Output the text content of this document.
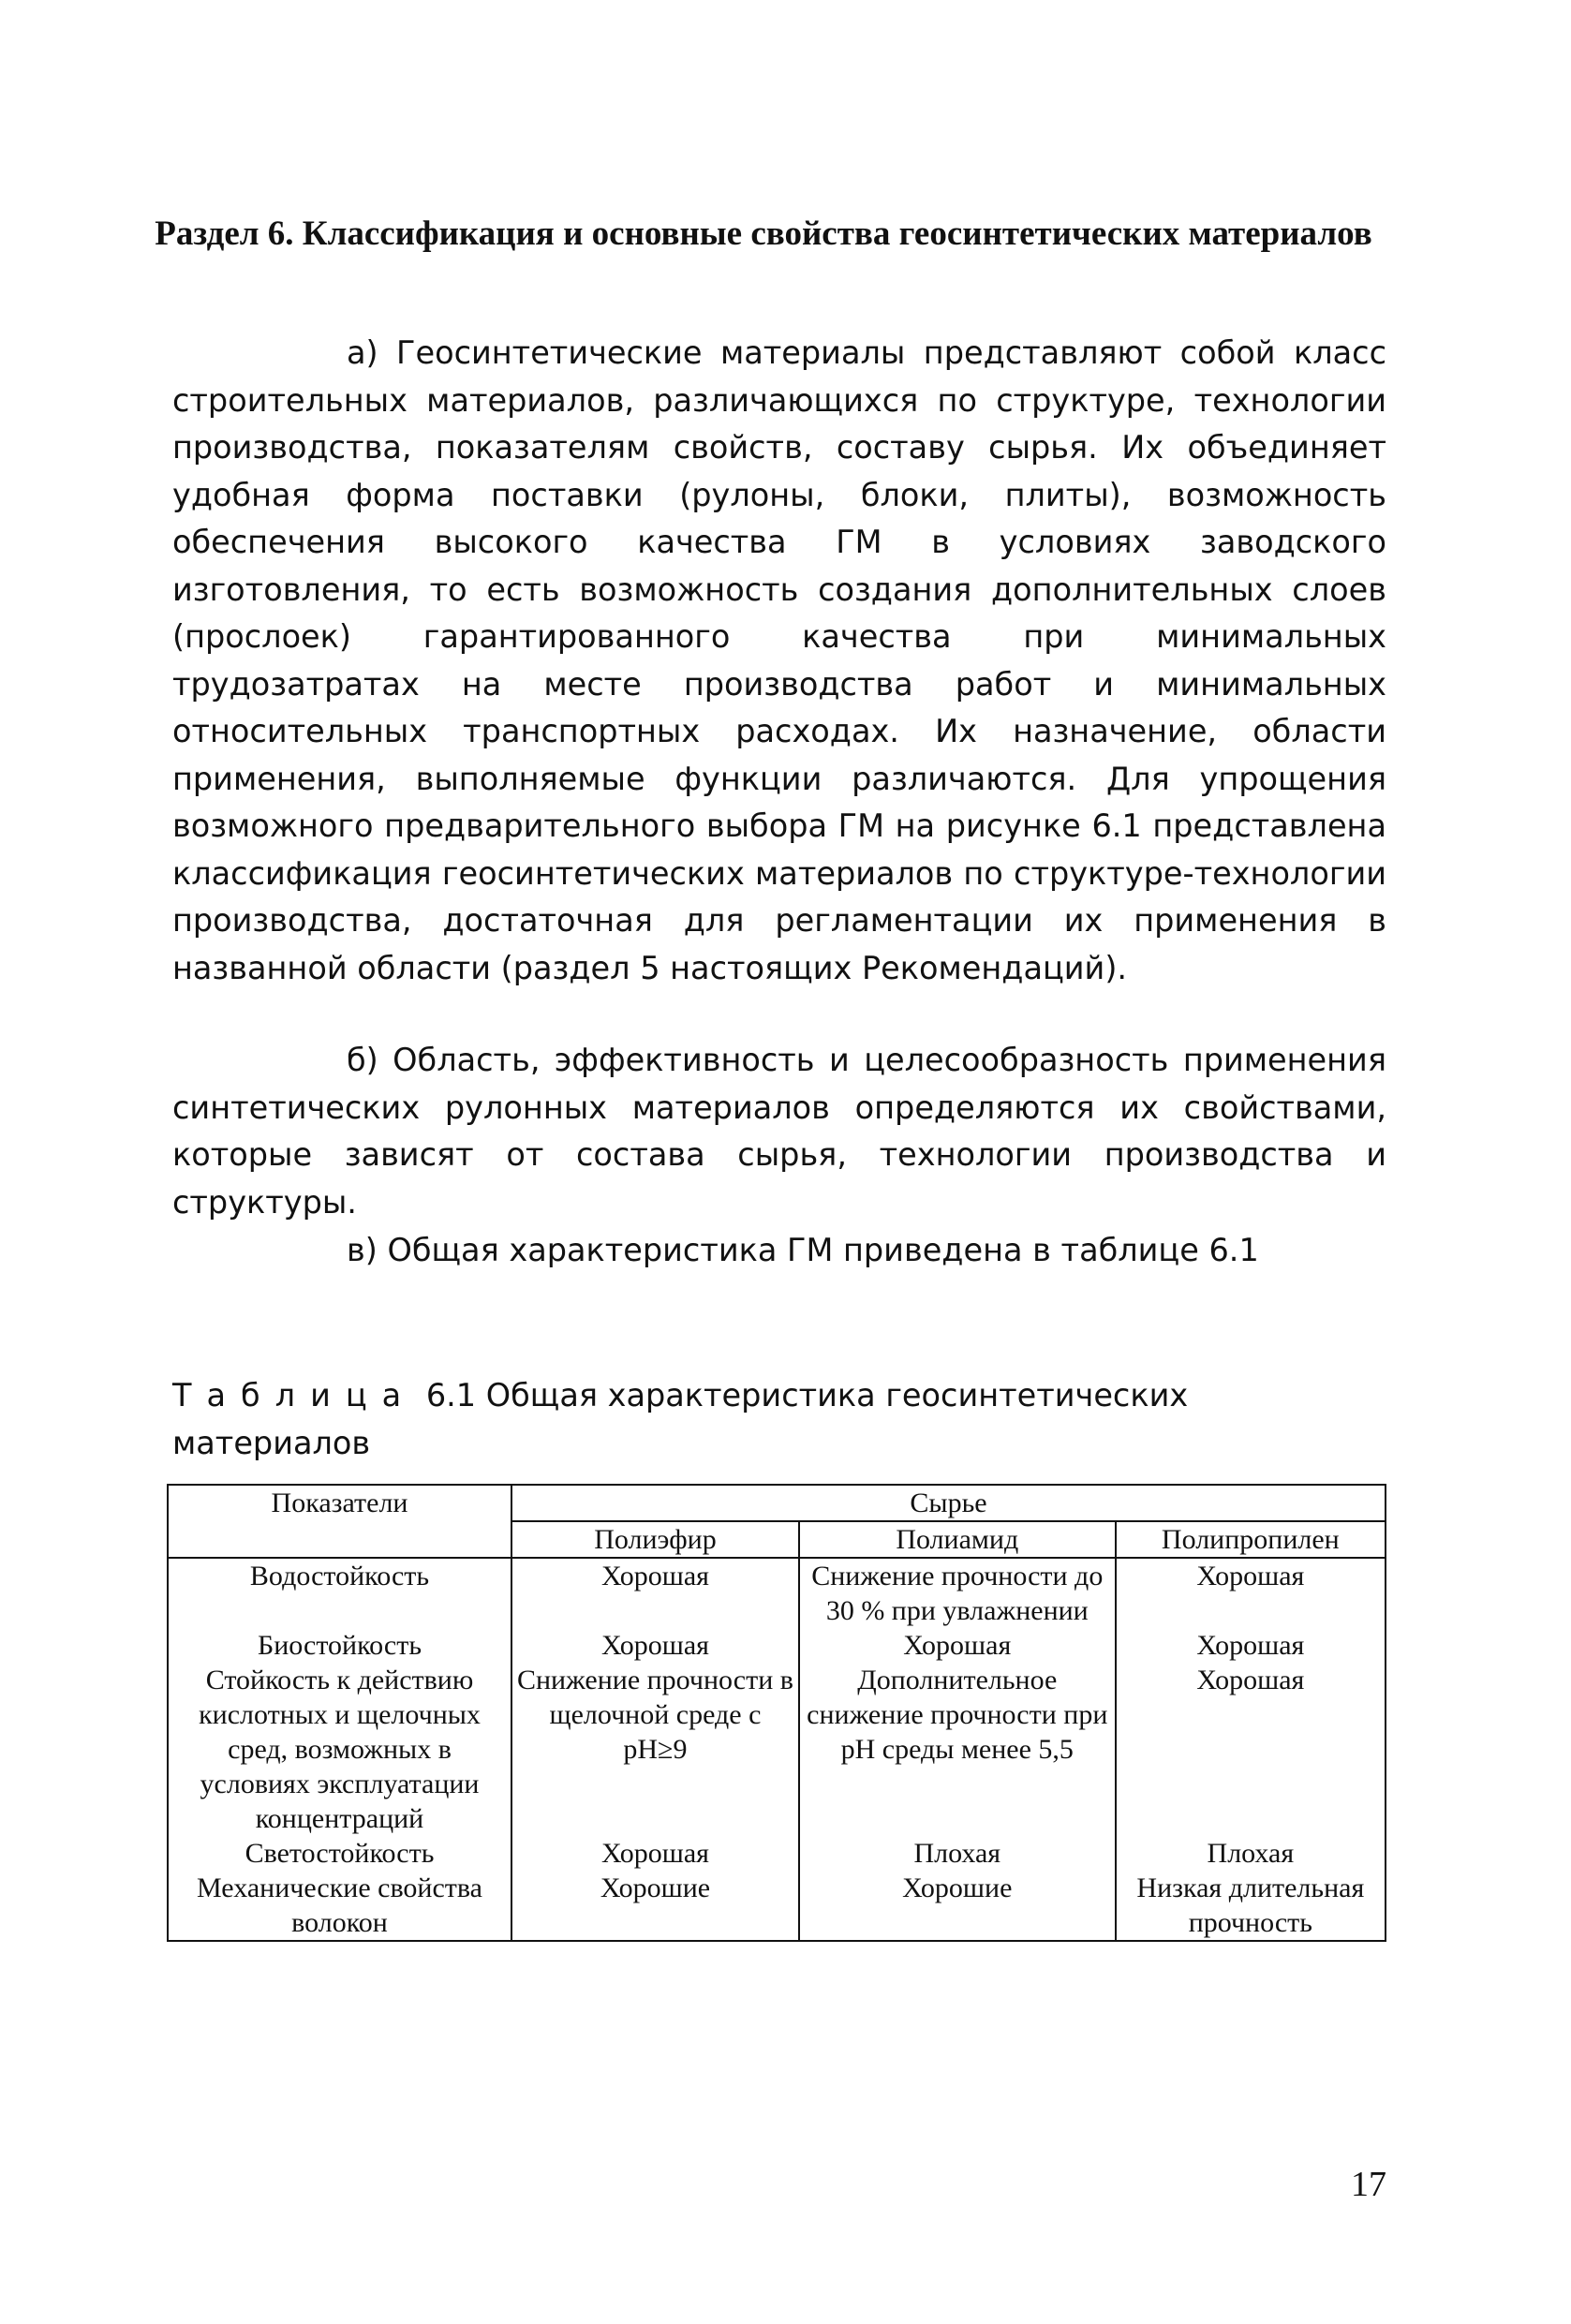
Раздел 6. Классификация и основные свойства геосинтетических материалов

а) Геосинтетические материалы представляют собой класс строительных материалов, различающихся по структуре, технологии производства, показателям свойств, составу сырья. Их объединяет удобная форма поставки (рулоны, блоки, плиты), возможность обеспечения высокого качества ГМ в условиях заводского изготовления, то есть возможность создания дополнительных слоев (прослоек) гарантированного качества при минимальных трудозатратах на месте производства работ и минимальных относительных транспортных расходах. Их назначение, области применения, выполняемые функции различаются. Для упрощения возможного предварительного выбора ГМ на рисунке 6.1 представлена классификация геосинтетических материалов по структуре-технологии производства, достаточная для регламентации их применения в названной области (раздел 5 настоящих Рекомендаций).

б) Область, эффективность и целесообразность применения синтетических рулонных материалов определяются их свойствами, которые зависят от состава сырья, технологии производства и структуры.

в) Общая характеристика ГМ приведена в таблице 6.1

Таблица 6.1 Общая характеристика геосинтетических материалов
Показатели	Сырье		
	Полиэфир	Полиамид	Полипропилен
Водостойкость	Хорошая	Снижение прочности до 30 % при увлажнении	Хорошая
Биостойкость	Хорошая	Хорошая	Хорошая
Стойкость к действию кислотных и щелочных сред, возможных в условиях эксплуатации концентраций	Снижение прочности в щелочной среде с pH≥9	Дополнительное снижение прочности при pH среды менее 5,5	Хорошая
Светостойкость	Хорошая	Плохая	Плохая
Механические свойства волокон	Хорошие	Хорошие	Низкая длительная прочность
17
